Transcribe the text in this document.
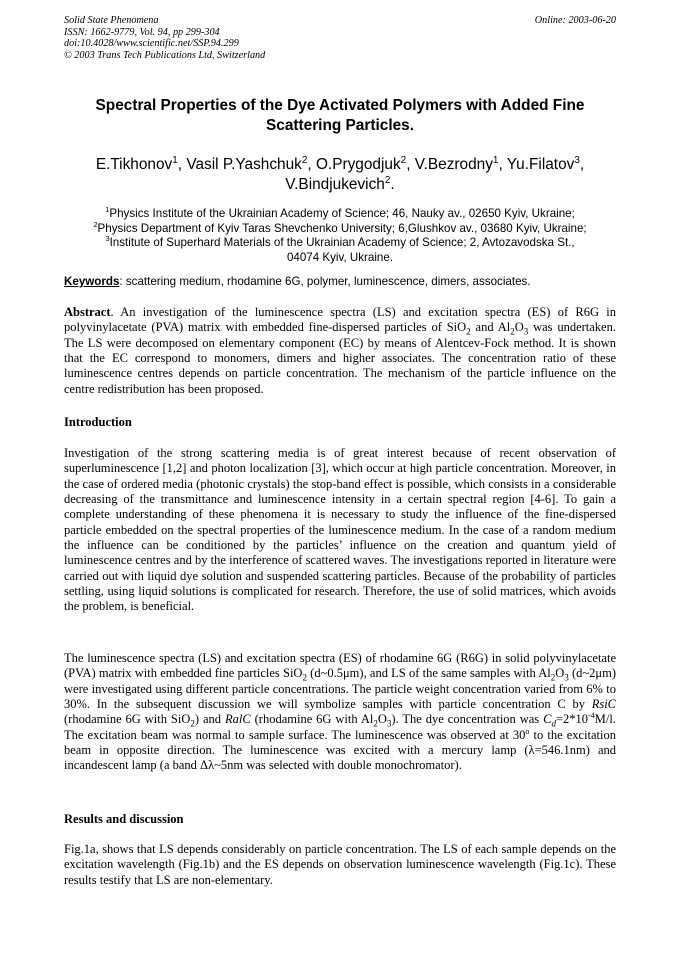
Solid State Phenomena
ISSN: 1662-9779, Vol. 94, pp 299-304
doi:10.4028/www.scientific.net/SSP.94.299
© 2003 Trans Tech Publications Ltd, Switzerland
Online: 2003-06-20
Spectral Properties of the Dye Activated Polymers with Added Fine
Scattering Particles.
E.Tikhonov$^1$, Vasil P.Yashchuk$^2$, O.Prygodjuk$^2$, V.Bezrodny$^1$, Yu.Filatov$^3$,
V.Bindjukevich$^2$.
$^1$Physics Institute of the Ukrainian Academy of Science; 46, Nauky av., 02650 Kyiv, Ukraine;
$^2$Physics Department of Kyiv Taras Shevchenko University; 6,Glushkov av., 03680 Kyiv, Ukraine;
$^3$Institute of Superhard Materials of the Ukrainian Academy of Science; 2, Avtozavodska St.,
04074 Kyiv, Ukraine.
Keywords: scattering medium, rhodamine 6G, polymer, luminescence, dimers, associates.
Abstract. An investigation of the luminescence spectra (LS) and excitation spectra (ES) of R6G in polyvinylacetate (PVA) matrix with embedded fine-dispersed particles of SiO$_2$ and $Al_2O_3$ was undertaken. The LS were decomposed on elementary component (EC) by means of Alentcev-Fock method. It is shown that the EC correspond to monomers, dimers and higher associates. The concentration ratio of these luminescence centres depends on particle concentration. The mechanism of the particle influence on the centre redistribution has been proposed.
Introduction
Investigation of the strong scattering media is of great interest because of recent observation of superluminescence [1,2] and photon localization [3], which occur at high particle concentration. Moreover, in the case of ordered media (photonic crystals) the stop-band effect is possible, which consists in a considerable decreasing of the transmittance and luminescence intensity in a certain spectral region [4-6]. To gain a complete understanding of these phenomena it is necessary to study the influence of the fine-dispersed particle embedded on the spectral properties of the luminescence medium. In the case of a random medium the influence can be conditioned by the particles’ influence on the creation and quantum yield of luminescence centres and by the interference of scattered waves. The investigations reported in literature were carried out with liquid dye solution and suspended scattering particles. Because of the probability of particles settling, using liquid solutions is complicated for research. Therefore, the use of solid matrices, which avoids the problem, is beneficial.
The luminescence spectra (LS) and excitation spectra (ES) of rhodamine 6G (R6G) in solid polyvinylacetate (PVA) matrix with embedded fine particles SiO$_2$ (d~0.5μm), and LS of the same samples with $Al_2O_3$ (d~2μm) were investigated using different particle concentrations. The particle weight concentration varied from 6% to 30%. In the subsequent discussion we will symbolize samples with particle concentration C by RsiC (rhodamine 6G with SiO$_2$) and RalC (rhodamine 6G with $Al_2O_3$). The dye concentration was $C_d=2*10^{-4}M/l$. The excitation beam was normal to sample surface. The luminescence was observed at 30$^o$ to the excitation beam in opposite direction. The luminescence was excited with a mercury lamp (λ=546.1nm) and incandescent lamp (a band Δλ~5nm was selected with double monochromator).
Results and discussion
Fig.1a, shows that LS depends considerably on particle concentration. The LS of each sample depends on the excitation wavelength (Fig.1b) and the ES depends on observation luminescence wavelength (Fig.1c). These results testify that LS are non-elementary.
